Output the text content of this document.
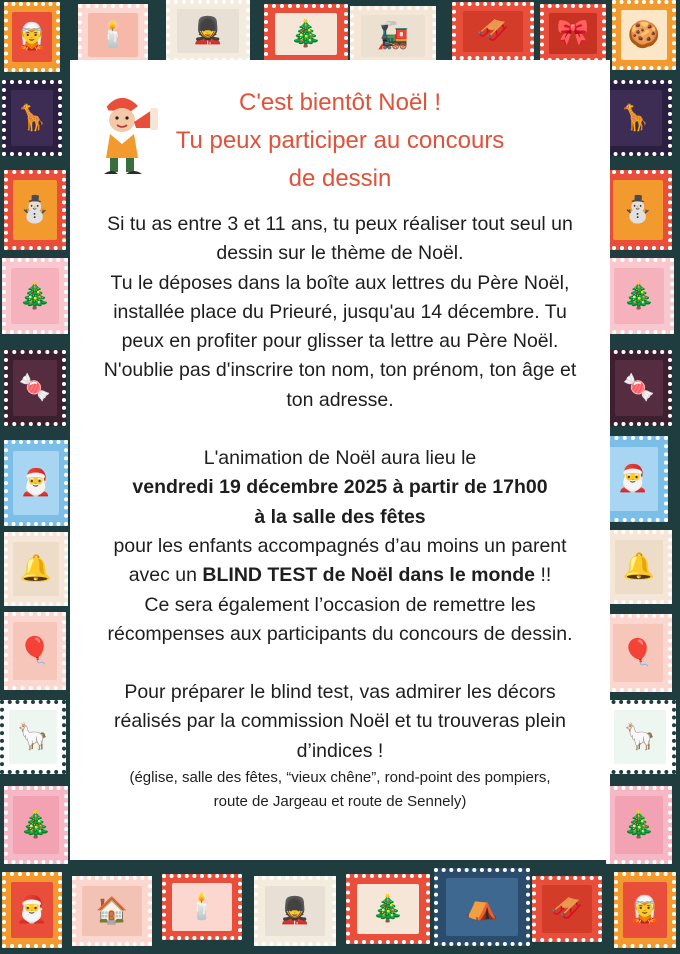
🧝	🕯️	💂	🎄	🚂	🛷	🎀 🍪
🦒
⛄
🎄
🍬
🎅
🔔
🎈
🦙
🎄
🦒
⛄
🎄
🍬
🎅
🔔
🎈
🦙
🎄
🎅	🏠	🕯️	💂	🎄	⛺	🛷	🧝
C'est bientôt Noël !
Tu peux participer au concours
de dessin
Si tu as entre 3 et 11 ans, tu peux réaliser tout seul un
dessin sur le thème de Noël.
Tu le déposes dans la boîte aux lettres du Père Noël,
installée place du Prieuré, jusqu'au 14 décembre. Tu
peux en profiter pour glisser ta lettre au Père Noël.
N'oublie pas d'inscrire ton nom, ton prénom, ton âge et
ton adresse.
L'animation de Noël aura lieu le
vendredi 19 décembre 2025 à partir de 17h00
à la salle des fêtes
pour les enfants accompagnés d’au moins un parent
avec un BLIND TEST de Noël dans le monde !!
Ce sera également l’occasion de remettre les
récompenses aux participants du concours de dessin.
Pour préparer le blind test, vas admirer les décors
réalisés par la commission Noël et tu trouveras plein
d’indices !
(église, salle des fêtes, “vieux chêne”, rond-point des pompiers,
route de Jargeau et route de Sennely)
